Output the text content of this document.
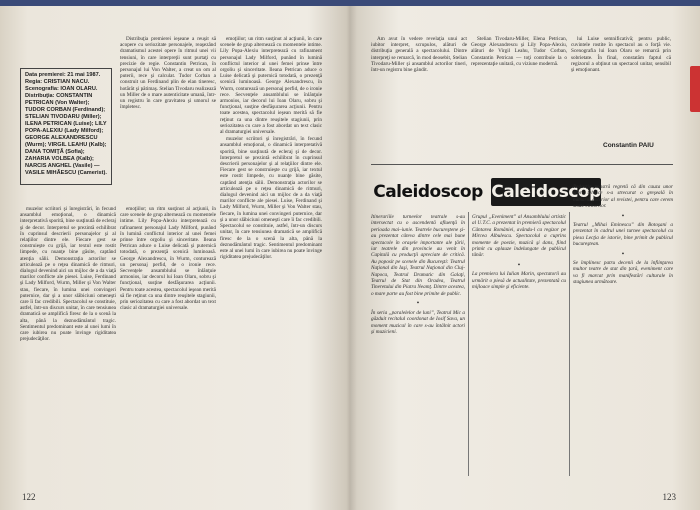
Data premierei: 21 mai 1987. Regia: CRISTIAN NACU. Scenografia: IOAN OLARU.
Distribuţia: CONSTANTIN PETRICAN (Von Walter); TUDOR CORBAN (Ferdinand); STELIAN TIVODARU (Miller); ILENA PETRICAN (Luise); LILY POPA-ALEXIU (Lady Milford); GEORGE ALEXANDRESCU (Wurm); VIRGIL LEAHU (Kalb); DANA TOMIŢĂ (Sofia); ZAHARIA VOLBEA (Kalb); NARCIS ANGHEL (Vasile) — VASILE MIHĂESCU (Camerist).

Distribuţia premierei ieşeane a reuşit să acopere cu seriozitate personajele, reaşezând dramatismul acestei opere în ritmul unei vii tensiuni, în care interpreţii sunt purtaţi cu precizie de regie. Constantin Petrican, în personajul lui Von Walter, a creat un om al puterii, rece şi calculat. Tudor Corban a construit un Ferdinand plin de elan tineresc, hotărât şi pătimaş. Stelian Tivodaru realizează un Miller de o mare autenticitate umană, într-un registru în care gravitatea şi umorul se împletesc.

muzelor scriitori şi înregistrări, în fecund ansamblul emoţional, o dinamică interpretativă sporită, bine susţinută de ecleraj şi de decor. Interpretul se prezintă echilibrat în cuprinsul descrierii personajelor şi al relaţiilor dintre ele. Fiecare gest se construieşte cu grijă, iar textul este rostit limpede, cu nuanţe bine găsite, captând atenţia sălii. Demonstraţia actorilor se articulează pe o reţea dinamică de ritmuri, dialogul devenind aici un mijloc de a da viaţă marilor conflicte ale piesei. Luise, Ferdinand şi Lady Milford, Wurm, Miller şi Von Walter stau, fiecare, în lumina unei convingeri puternice, dar şi a unor slăbiciuni omeneşti care îi fac credibili. Spectacolul se constituie, astfel, într-un discurs unitar, în care tensiunea dramatică se amplifică firesc de la o scenă la alta, până la deznodământul tragic. Sentimentul predominant este al unei lumi în care iubirea nu poate învinge rigiditatea prejudecăţilor.

emoţiilor; un ritm susţinut al acţiunii, în care scenele de grup alternează cu momentele intime. Lily Popa-Alexiu interpretează cu rafinament personajul Lady Milford, punând în lumină conflictul interior al unei femei prinse între orgoliu şi sinceritate. Ileana Petrican aduce o Luise delicată şi puternică totodată, o prezenţă scenică luminoasă. George Alexandrescu, în Wurm, conturează un personaj perfid, de o ironie rece. Secvenţele ansamblului se înlănţuie armonios, iar decorul lui Ioan Olaru, sobru şi funcţional, susţine desfăşurarea acţiunii. Pentru toate acestea, spectacolul ieşean merită să fie reţinut ca una dintre reuşitele stagiunii, prin seriozitatea cu care a fost abordat un text clasic al dramaturgiei universale.

emoţiilor; un ritm susţinut al acţiunii, în care scenele de grup alternează cu momentele intime. Lily Popa-Alexiu interpretează cu rafinament personajul Lady Milford, punând în lumină conflictul interior al unei femei prinse între orgoliu şi sinceritate. Ileana Petrican aduce o Luise delicată şi puternică totodată, o prezenţă scenică luminoasă. George Alexandrescu, în Wurm, conturează un personaj perfid, de o ironie rece. Secvenţele ansamblului se înlănţuie armonios, iar decorul lui Ioan Olaru, sobru şi funcţional, susţine desfăşurarea acţiunii. Pentru toate acestea, spectacolul ieşean merită să fie reţinut ca una dintre reuşitele stagiunii, prin seriozitatea cu care a fost abordat un text clasic al dramaturgiei universale.

muzelor scriitori şi înregistrări, în fecund ansamblul emoţional, o dinamică interpretativă sporită, bine susţinută de ecleraj şi de decor. Interpretul se prezintă echilibrat în cuprinsul descrierii personajelor şi al relaţiilor dintre ele. Fiecare gest se construieşte cu grijă, iar textul este rostit limpede, cu nuanţe bine găsite, captând atenţia sălii. Demonstraţia actorilor se articulează pe o reţea dinamică de ritmuri, dialogul devenind aici un mijloc de a da viaţă marilor conflicte ale piesei. Luise, Ferdinand şi Lady Milford, Wurm, Miller şi Von Walter stau, fiecare, în lumina unei convingeri puternice, dar şi a unor slăbiciuni omeneşti care îi fac credibili. Spectacolul se constituie, astfel, într-un discurs unitar, în care tensiunea dramatică se amplifică firesc de la o scenă la alta, până la deznodământul tragic. Sentimentul predominant este al unei lumi în care iubirea nu poate învinge rigiditatea prejudecăţilor.

122

Am avut în vedere revelaţia unui act iubitor interpret, scrupulos, alături de distribuţia generală a spectacolului. Dintre interpreţi se remarcă, în mod deosebit, Stelian Tivodaru-Miller şi ansamblul actorilor tineri, într-un registru bine gândit.

Stelian Tivodaru-Miller, Elena Petrican, George Alexandrescu şi Lily Popa-Alexiu, alături de Virgil Leahu, Tudor Corban, Constantin Petrican — toţi contribuie la o reprezentaţie unitară, cu viziune modernă.

lui Luise semnificativă; pentru public, cuvintele rostite în spectacol au o forţă vie. Scenografia lui Ioan Olaru se remarcă prin sobrietate. În final, constatăm faptul că regizorul a obţinut un spectacol unitar, sensibil şi emoţionant.

Constantin PAIU
Caleidoscop Caleidoscop

Itinerariile turneelor teatrale s-au intersectat cu o ascendentă afluenţă în perioada mai–iunie. Teatrele bucureştene şi-au prezentat câteva dintre cele mai bune spectacole în oraşele importante ale ţării, iar teatrele din provincie au venit în Capitală cu producţii apreciate de critică. Au poposit pe scenele din Bucureşti: Teatrul Naţional din Iaşi, Teatrul Naţional din Cluj-Napoca, Teatrul Dramatic din Galaţi, Teatrul de Stat din Oradea, Teatrul Tineretului din Piatra Neamţ. Dintre acestea, o mare parte au fost bine primite de public.

•

În seria „paralelelor de luni”, Teatrul Mic a găzduit recitalul coordonat de Iosif Sava, un moment muzical în care s-au întâlnit actori şi muzicieni.

Grupul „Eveniment” al Ansamblului artistic al U.T.C. a prezentat în premieră spectacolul Cântarea României, avându-l ca regizor pe Mircea Albulescu. Spectacolul a cuprins momente de poezie, muzică şi dans, fiind primit cu aplauze îndelungate de publicul tânăr.

•

La premiera lui Iulian Marin, spectatorii au urmărit o piesă de actualitate, prezentată cu mijloace simple şi eficiente.

Redacţia noastră regretă că din cauza unor erori tehnice s-a strecurat o greşeală în numărul anterior al revistei, pentru care cerem scuze cititorilor.

•

Teatrul „Mihai Eminescu” din Botoşani a prezentat în cadrul unei turnee spectacolul cu piesa Lecţia de istorie, bine primit de publicul bucureştean.

•

Se împlinesc patru decenii de la înfiinţarea multor teatre de stat din ţară, eveniment care va fi marcat prin manifestări culturale în stagiunea următoare.

123
